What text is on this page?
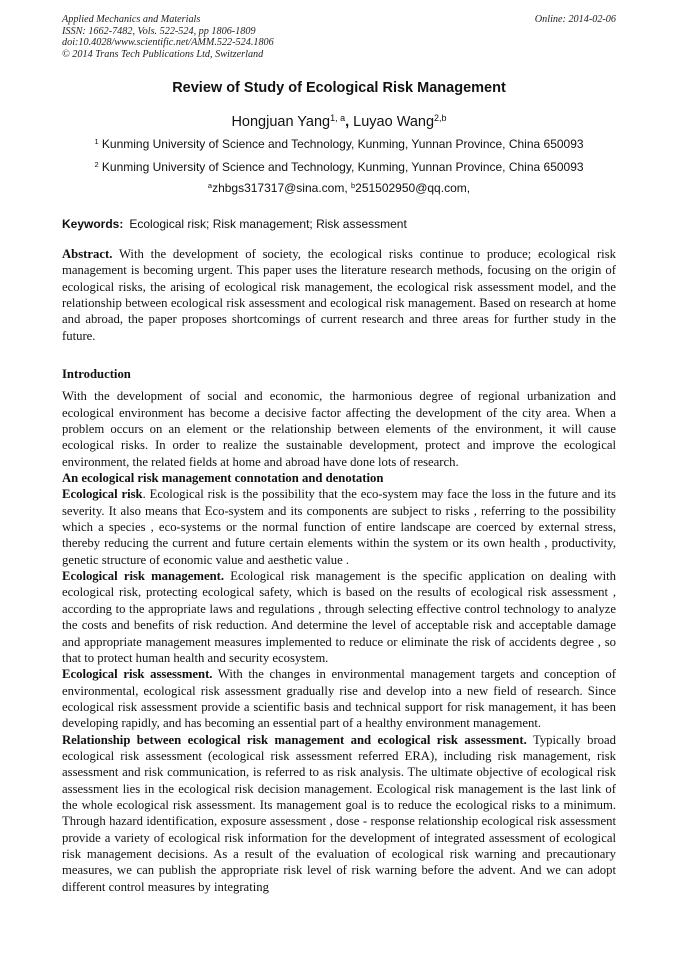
Applied Mechanics and Materials
ISSN: 1662-7482, Vols. 522-524, pp 1806-1809
doi:10.4028/www.scientific.net/AMM.522-524.1806
© 2014 Trans Tech Publications Ltd, Switzerland
Online: 2014-02-06
Review of Study of Ecological Risk Management
Hongjuan Yang$^{1, a}$, Luyao Wang$^{2,b}$
$^1$ Kunming University of Science and Technology, Kunming, Yunnan Province, China 650093
$^2$ Kunming University of Science and Technology, Kunming, Yunnan Province, China 650093
$^a$zhbgs317317@sina.com, $^b$251502950@qq.com,
Keywords: Ecological risk; Risk management; Risk assessment

Abstract. With the development of society, the ecological risks continue to produce; ecological risk management is becoming urgent. This paper uses the literature research methods, focusing on the origin of ecological risks, the arising of ecological risk management, the ecological risk assessment model, and the relationship between ecological risk assessment and ecological risk management. Based on research at home and abroad, the paper proposes shortcomings of current research and three areas for further study in the future.

Introduction

With the development of social and economic, the harmonious degree of regional urbanization and ecological environment has become a decisive factor affecting the development of the city area. When a problem occurs on an element or the relationship between elements of the environment, it will cause ecological risks. In order to realize the sustainable development, protect and improve the ecological environment, the related fields at home and abroad have done lots of research.

An ecological risk management connotation and denotation

Ecological risk. Ecological risk is the possibility that the eco-system may face the loss in the future and its severity. It also means that Eco-system and its components are subject to risks , referring to the possibility which a species , eco-systems or the normal function of entire landscape are coerced by external stress, thereby reducing the current and future certain elements within the system or its own health , productivity, genetic structure of economic value and aesthetic value .

Ecological risk management. Ecological risk management is the specific application on dealing with ecological risk, protecting ecological safety, which is based on the results of ecological risk assessment , according to the appropriate laws and regulations , through selecting effective control technology to analyze the costs and benefits of risk reduction. And determine the level of acceptable risk and acceptable damage and appropriate management measures implemented to reduce or eliminate the risk of accidents degree , so that to protect human health and security ecosystem.

Ecological risk assessment. With the changes in environmental management targets and conception of environmental, ecological risk assessment gradually rise and develop into a new field of research. Since ecological risk assessment provide a scientific basis and technical support for risk management, it has been developing rapidly, and has becoming an essential part of a healthy environment management.

Relationship between ecological risk management and ecological risk assessment. Typically broad ecological risk assessment (ecological risk assessment referred ERA), including risk management, risk assessment and risk communication, is referred to as risk analysis. The ultimate objective of ecological risk assessment lies in the ecological risk decision management. Ecological risk management is the last link of the whole ecological risk assessment. Its management goal is to reduce the ecological risks to a minimum. Through hazard identification, exposure assessment , dose - response relationship ecological risk assessment provide a variety of ecological risk information for the development of integrated assessment of ecological risk management decisions. As a result of the evaluation of ecological risk warning and precautionary measures, we can publish the appropriate risk level of risk warning before the advent. And we can adopt different control measures by integrating
